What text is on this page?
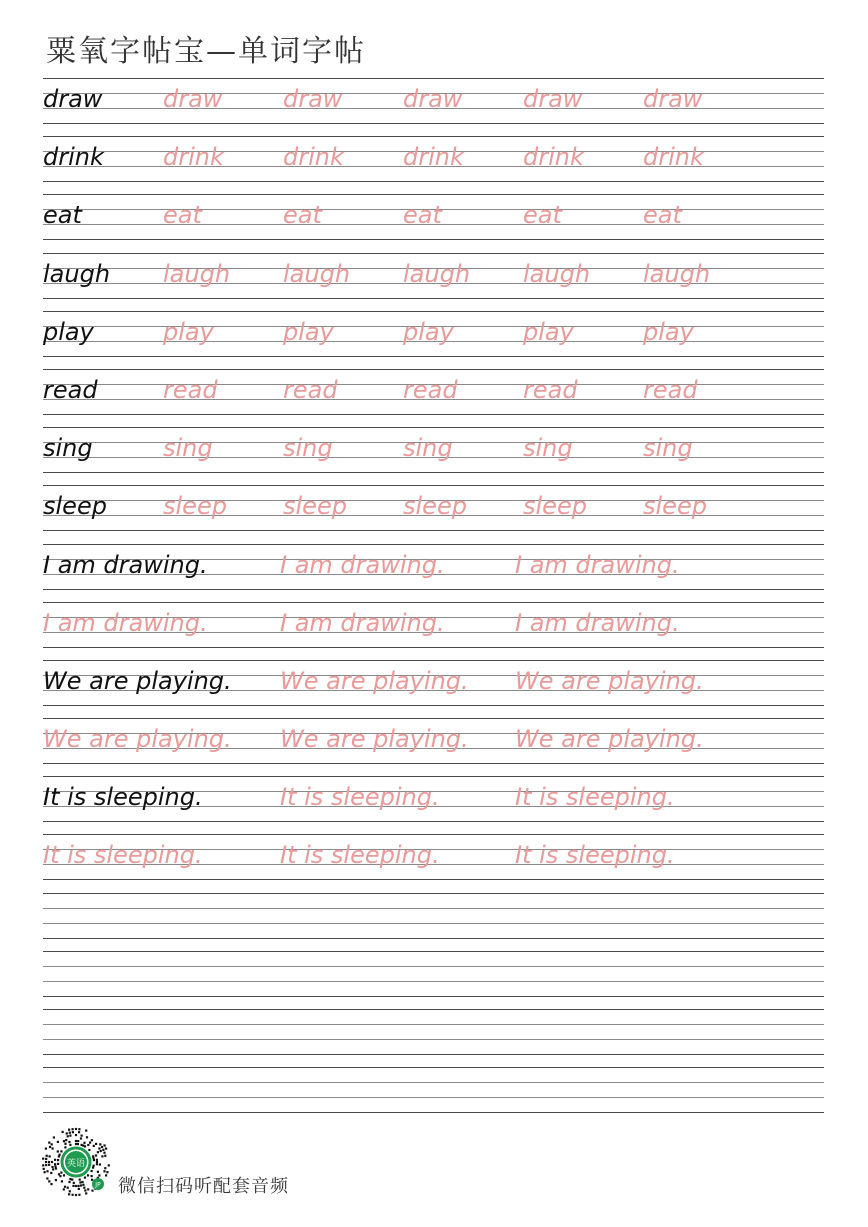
粟氧字帖宝—单词字帖
draw	draw	draw	draw	draw	draw
drink drink drink drink drink drink
eat	eat	eat	eat	eat	eat
laugh laugh laugh laugh laugh laugh
play	play	play	play	play	play
read	read	read	read	read	read
sing	sing	sing	sing	sing	sing
sleep sleep sleep sleep sleep sleep
I am drawing.	I am drawing.	I am drawing.
I am drawing.	I am drawing.	I am drawing.
We are playing. We are playing. We are playing.
We are playing. We are playing. We are playing.
It is sleeping.	It is sleeping.	It is sleeping.
It is sleeping.	It is sleeping.	It is sleeping.
英语
JP 微信扫码听配套音频
